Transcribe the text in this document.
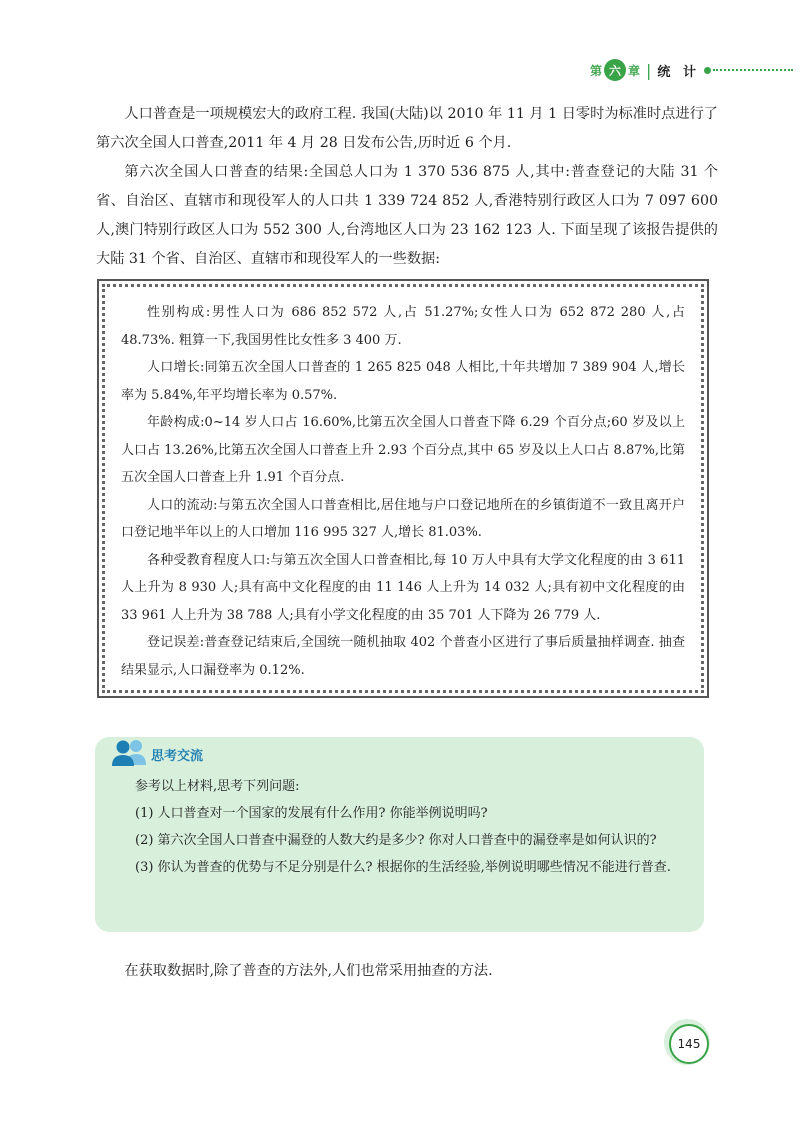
第 六 章 | 统 计

人口普查是一项规模宏大的政府工程. 我国(大陆)以 2010 年 11 月 1 日零时为标准时点进行了第六次全国人口普查,2011 年 4 月 28 日发布公告,历时近 6 个月.

第六次全国人口普查的结果:全国总人口为 1 370 536 875 人,其中:普查登记的大陆 31 个省、自治区、直辖市和现役军人的人口共 1 339 724 852 人,香港特别行政区人口为 7 097 600 人,澳门特别行政区人口为 552 300 人,台湾地区人口为 23 162 123 人. 下面呈现了该报告提供的大陆 31 个省、自治区、直辖市和现役军人的一些数据:

性别构成:男性人口为 686 852 572 人,占 51.27%;女性人口为 652 872 280 人,占 48.73%. 粗算一下,我国男性比女性多 3 400 万.

人口增长:同第五次全国人口普查的 1 265 825 048 人相比,十年共增加 7 389 904 人,增长率为 5.84%,年平均增长率为 0.57%.

年龄构成:0~14 岁人口占 16.60%,比第五次全国人口普查下降 6.29 个百分点;60 岁及以上人口占 13.26%,比第五次全国人口普查上升 2.93 个百分点,其中 65 岁及以上人口占 8.87%,比第五次全国人口普查上升 1.91 个百分点.

人口的流动:与第五次全国人口普查相比,居住地与户口登记地所在的乡镇街道不一致且离开户口登记地半年以上的人口增加 116 995 327 人,增长 81.03%.

各种受教育程度人口:与第五次全国人口普查相比,每 10 万人中具有大学文化程度的由 3 611 人上升为 8 930 人;具有高中文化程度的由 11 146 人上升为 14 032 人;具有初中文化程度的由 33 961 人上升为 38 788 人;具有小学文化程度的由 35 701 人下降为 26 779 人.

登记误差:普查登记结束后,全国统一随机抽取 402 个普查小区进行了事后质量抽样调查. 抽查结果显示,人口漏登率为 0.12%.

思考交流

参考以上材料,思考下列问题:

(1) 人口普查对一个国家的发展有什么作用? 你能举例说明吗?

(2) 第六次全国人口普查中漏登的人数大约是多少? 你对人口普查中的漏登率是如何认识的?

(3) 你认为普查的优势与不足分别是什么? 根据你的生活经验,举例说明哪些情况不能进行普查.

在获取数据时,除了普查的方法外,人们也常采用抽查的方法.

145
